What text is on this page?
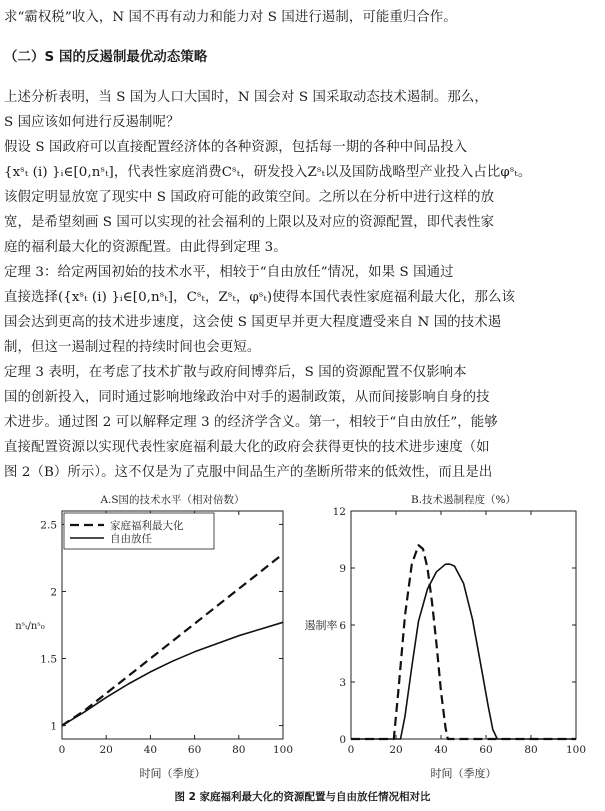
求“霸权税”收入，N 国不再有动力和能力对 S 国进行遏制，可能重归合作。
（二）S 国的反遏制最优动态策略
上述分析表明，当 S 国为人口大国时，N 国会对 S 国采取动态技术遏制。那么，
S 国应该如何进行反遏制呢？
假设 S 国政府可以直接配置经济体的各种资源，包括每一期的各种中间品投入
{xˢₜ (i) }ᵢ∈[0,nˢₜ]，代表性家庭消费Cˢₜ，研发投入Zˢₜ以及国防战略型产业投入占比φˢₜ。
该假定明显放宽了现实中 S 国政府可能的政策空间。之所以在分析中进行这样的放
宽，是希望刻画 S 国可以实现的社会福利的上限以及对应的资源配置，即代表性家
庭的福利最大化的资源配置。由此得到定理 3。
定理 3：给定两国初始的技术水平，相较于“自由放任”情况，如果 S 国通过
直接选择({xˢₜ (i) }ᵢ∈[0,nˢₜ]，Cˢₜ，Zˢₜ，φˢₜ)使得本国代表性家庭福利最大化，那么该
国会达到更高的技术进步速度，这会使 S 国更早并更大程度遭受来自 N 国的技术遏
制，但这一遏制过程的持续时间也会更短。
定理 3 表明，在考虑了技术扩散与政府间博弈后，S 国的资源配置不仅影响本
国的创新投入，同时通过影响地缘政治中对手的遏制政策，从而间接影响自身的技
术进步。通过图 2 可以解释定理 3 的经济学含义。第一，相较于“自由放任”，能够
直接配置资源以实现代表性家庭福利最大化的政府会获得更快的技术进步速度（如
图 2（B）所示）。这不仅是为了克服中间品生产的垄断所带来的低效性，而且是出
A.S国的技术水平（相对倍数）
0	20	40	60	80	100
1
1.5
2
2.5
时间（季度）
nˢₜ/nˢ₀
家庭福利最大化
自由放任
B.技术遏制程度（%）
0	20	40	60	80	100
0
3
6
9
12
时间（季度）
遏制率
图 2 家庭福利最大化的资源配置与自由放任情况相对比
